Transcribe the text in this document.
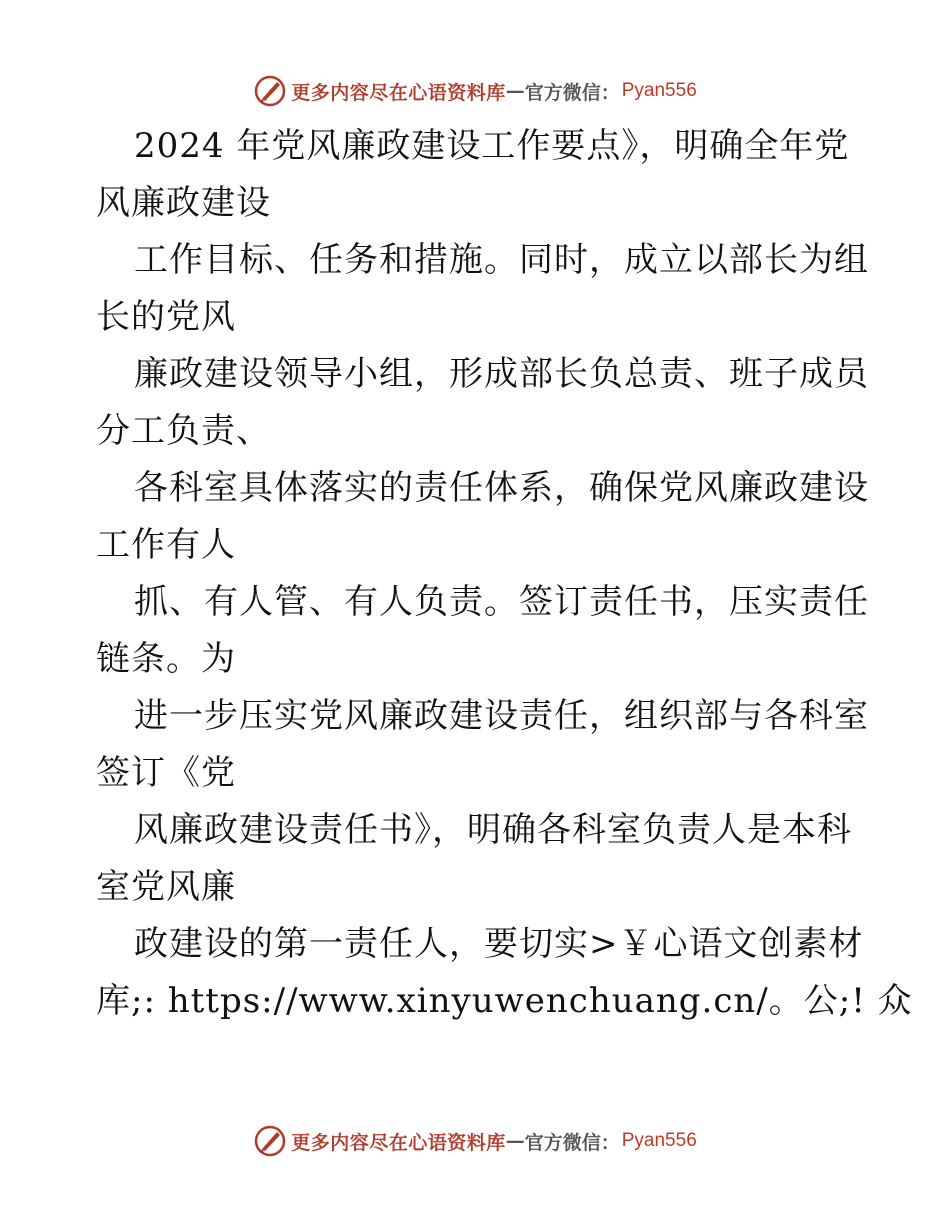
更多内容尽在心语资料库 — 官方微信： Pyan556
2024 年党风廉政建设工作要点》，明确全年党
风廉政建设
工作目标、任务和措施。同时，成立以部长为组
长的党风
廉政建设领导小组，形成部长负总责、班子成员
分工负责、
各科室具体落实的责任体系，确保党风廉政建设
工作有人
抓、有人管、有人负责。签订责任书，压实责任
链条。为
进一步压实党风廉政建设责任，组织部与各科室
签订《党
风廉政建设责任书》，明确各科室负责人是本科
室党风廉
政建设的第一责任人，要切实>￥心语文创素材
库;: https://www.xinyuwenchuang.cn/。公;! 众
更多内容尽在心语资料库 — 官方微信： Pyan556
